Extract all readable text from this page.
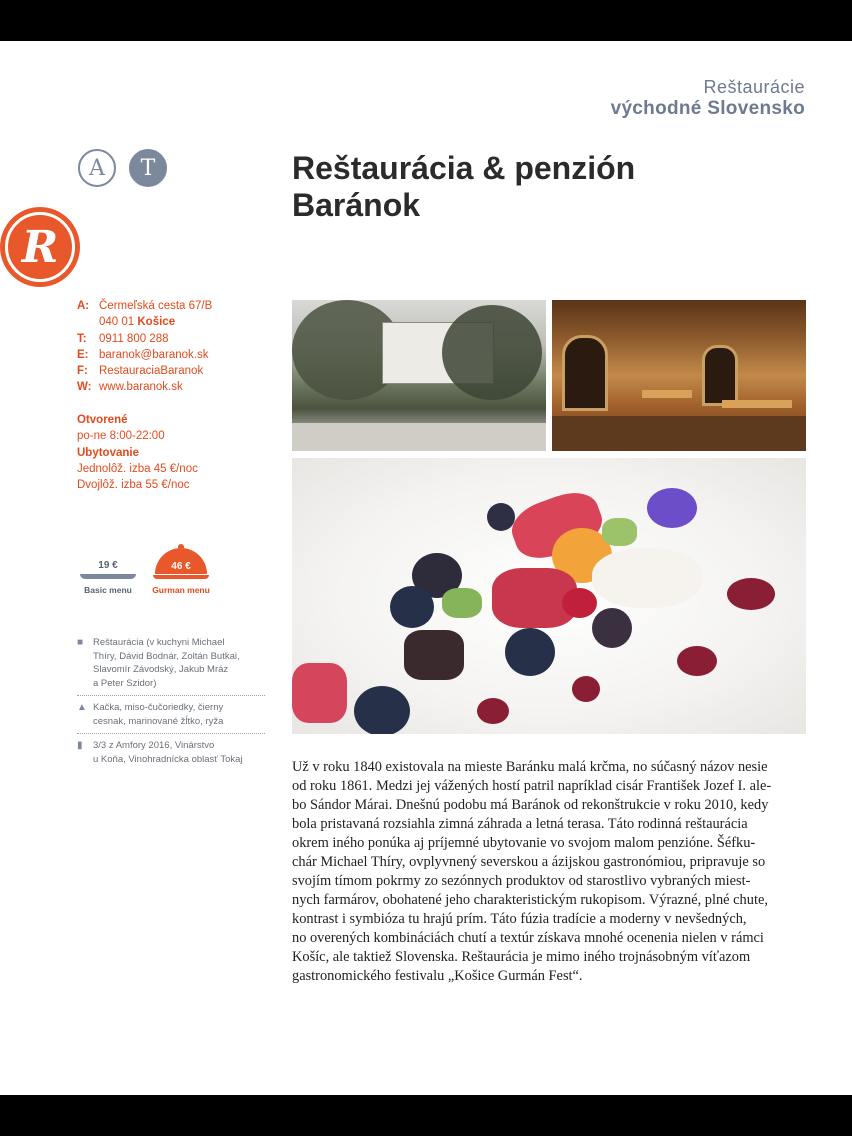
Reštaurácie
východné Slovensko
A	T
R
Reštaurácia & penzión
Baránok
A: Čermeľská cesta 67/B
040 01 Košice
T:	0911 800 288
E: baranok@baranok.sk
F: RestauraciaBaranok
W: www.baranok.sk
Otvorené
po-ne 8:00-22:00
Ubytovanie
Jednolôž. izba 45 €/noc
Dvojlôž. izba 55 €/noc
19 €
Basic menu
46 €
Gurman menu
■	Reštaurácia (v kuchyni Michael
Thíry, Dávid Bodnár, Zoltán Butkai,
Slavomír Závodský, Jakub Mráz
a Peter Szidor)
▲ Kačka, miso-čučoriedky, čierny
cesnak, marinované žĺtko, ryža
▮	3/3 z Amfory 2016, Vinárstvo
u Koňa, Vinohradnícka oblasť Tokaj	Už v roku 1840 existovala na mieste Baránku malá krčma, no súčasný názov nesie

od roku 1861. Medzi jej vážených hostí patril napríklad cisár František Jozef I. ale-

bo Sándor Márai. Dnešnú podobu má Baránok od rekonštrukcie v roku 2010, kedy

bola pristavaná rozsiahla zimná záhrada a letná terasa. Táto rodinná reštaurácia

okrem iného ponúka aj príjemné ubytovanie vo svojom malom penzióne. Šéfku-

chár Michael Thíry, ovplyvnený severskou a ázijskou gastronómiou, pripravuje so

svojím tímom pokrmy zo sezónnych produktov od starostlivo vybraných miest-

nych farmárov, obohatené jeho charakteristickým rukopisom. Výrazné, plné chute,

kontrast i symbióza tu hrajú prím. Táto fúzia tradície a moderny v nevšedných,

no overených kombináciách chutí a textúr získava mnohé ocenenia nielen v rámci

Košíc, ale taktiež Slovenska. Reštaurácia je mimo iného trojnásobným víťazom

gastronomického festivalu „Košice Gurmán Fest“.
